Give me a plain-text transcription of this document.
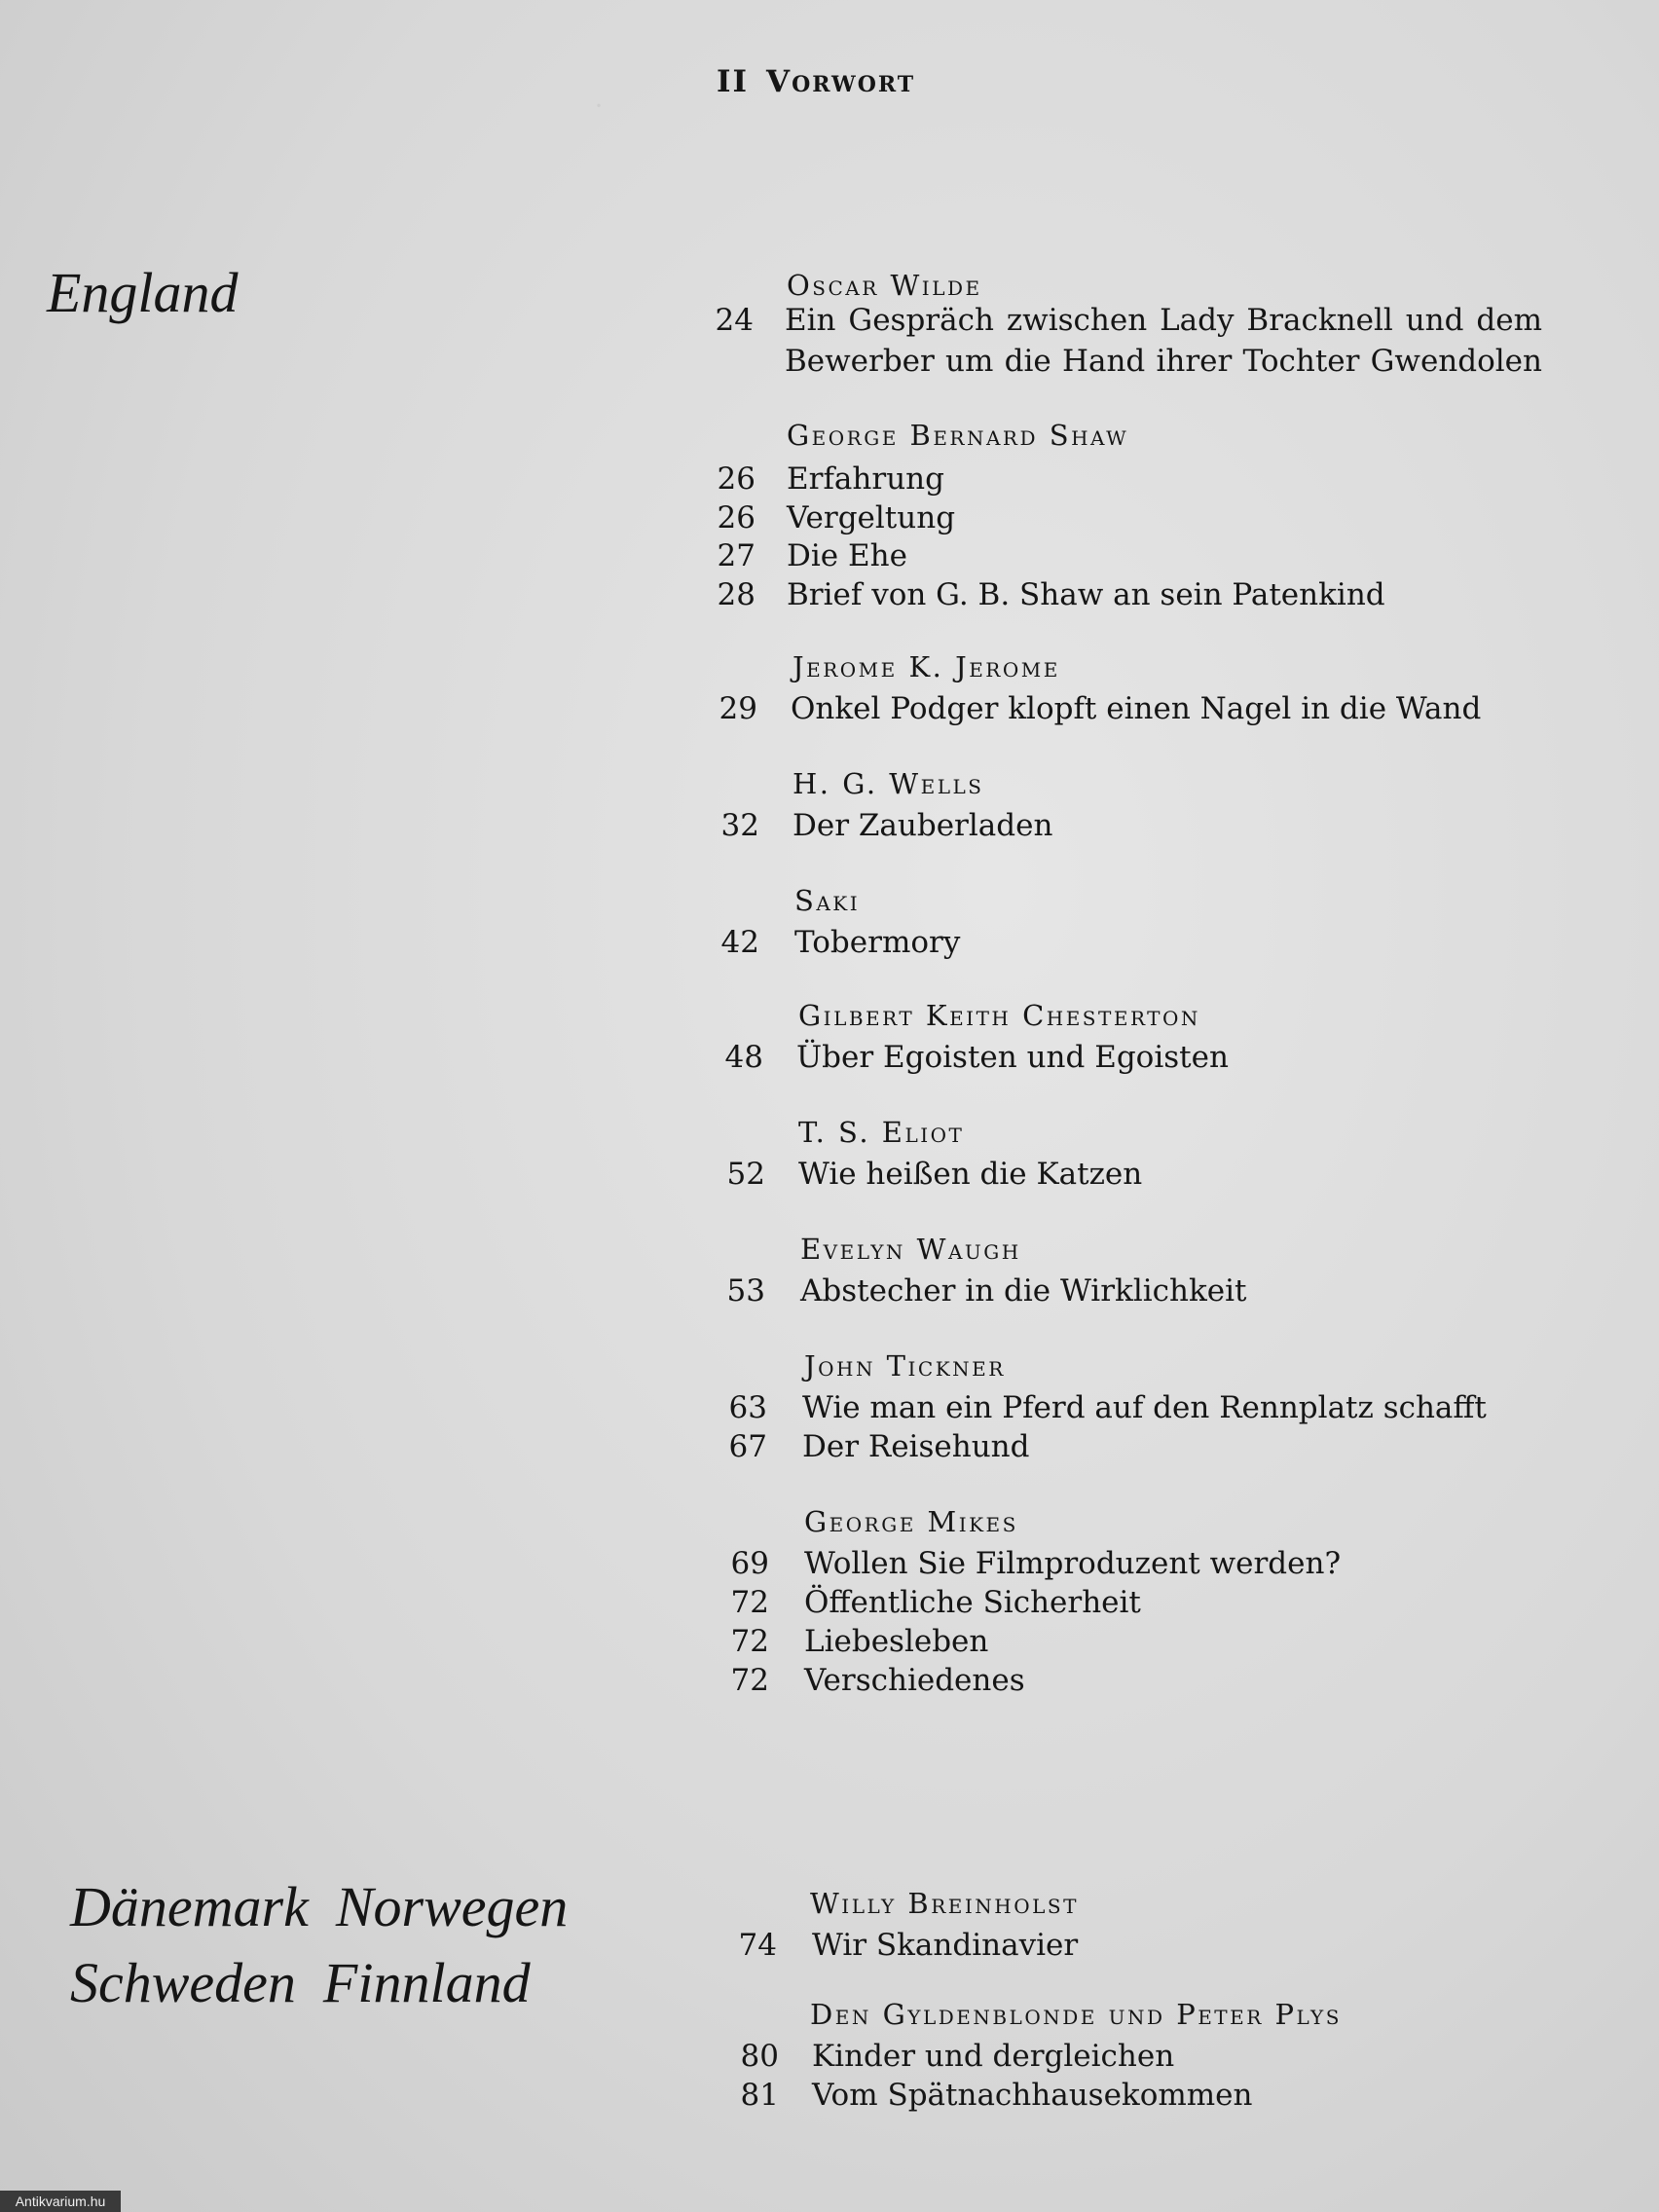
·
II Vorwort
England
Dänemark Norwegen
Schweden Finnland
Oscar Wilde
24 Ein Gespräch zwischen Lady Bracknell und dem
Bewerber um die Hand ihrer Tochter Gwendolen
George Bernard Shaw
26 Erfahrung
26 Vergeltung
27 Die Ehe
28 Brief von G. B. Shaw an sein Patenkind
Jerome K. Jerome
29 Onkel Podger klopft einen Nagel in die Wand
H. G. Wells
32 Der Zauberladen
Saki
42 Tobermory
Gilbert Keith Chesterton
48 Über Egoisten und Egoisten
T. S. Eliot
52 Wie heißen die Katzen
Evelyn Waugh
53 Abstecher in die Wirklichkeit
John Tickner
63 Wie man ein Pferd auf den Rennplatz schafft
67 Der Reisehund
George Mikes
69 Wollen Sie Filmproduzent werden?
72 Öffentliche Sicherheit
72 Liebesleben
72 Verschiedenes
Willy Breinholst
74 Wir Skandinavier
Den Gyldenblonde und Peter Plys
80 Kinder und dergleichen
81 Vom Spätnachhausekommen
Antikvarium.hu
